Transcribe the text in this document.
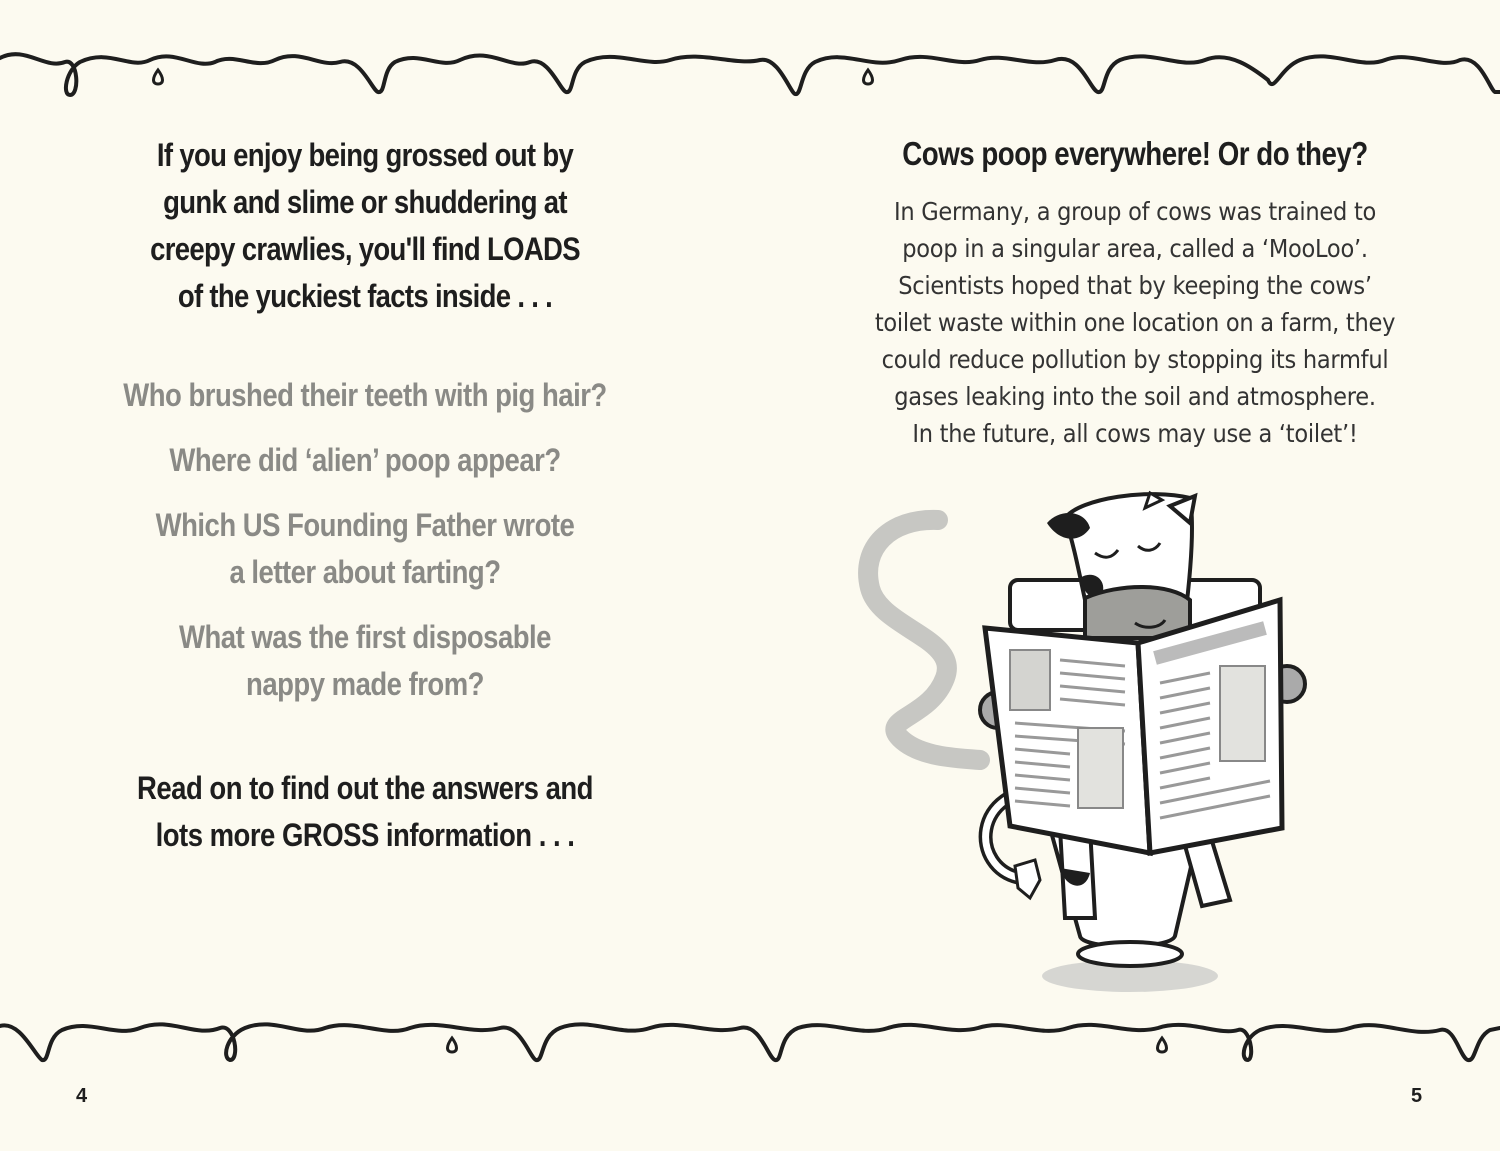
If you enjoy being grossed out by
gunk and slime or shuddering at
creepy crawlies, you'll find LOADS
of the yuckiest facts inside . . .
Who brushed their teeth with pig hair?
Where did ‘alien’ poop appear?
Which US Founding Father wrote
a letter about farting?
What was the first disposable
nappy made from?
Read on to find out the answers and
lots more GROSS information . . .
Cows poop everywhere! Or do they?
In Germany, a group of cows was trained to
poop in a singular area, called a ‘MooLoo’.
Scientists hoped that by keeping the cows’
toilet waste within one location on a farm, they
could reduce pollution by stopping its harmful
gases leaking into the soil and atmosphere.
In the future, all cows may use a ‘toilet’!
4	5
